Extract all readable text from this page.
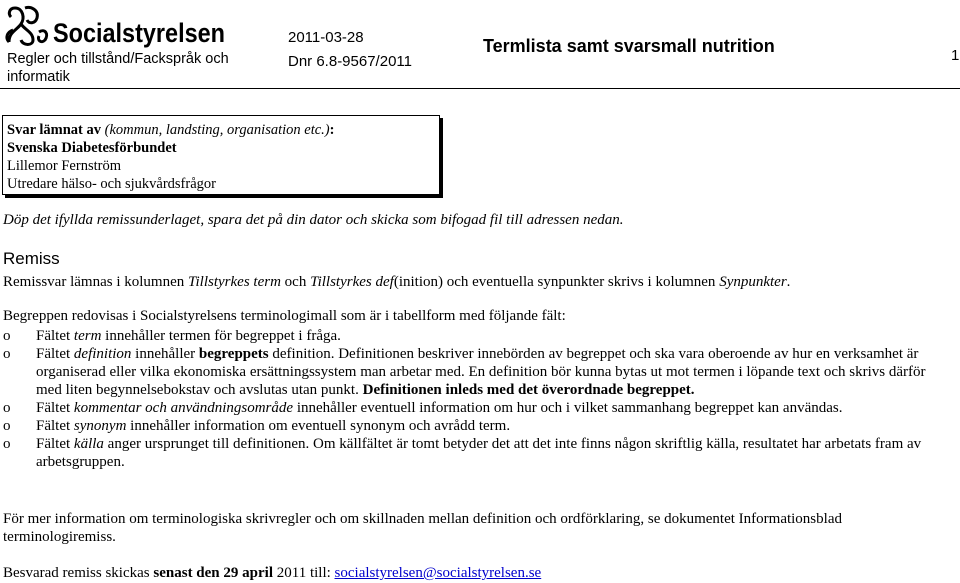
Socialstyrelsen
Regler och tillstånd/Fackspråk och
informatik
2011-03-28
Dnr 6.8-9567/2011
Termlista samt svarsmall nutrition	1
Svar lämnat av (kommun, landsting, organisation etc.):
Svenska Diabetesförbundet
Lillemor Fernström
Utredare hälso- och sjukvårdsfrågor
Döp det ifyllda remissunderlaget, spara det på din dator och skicka som bifogad fil till adressen nedan.
Remiss
Remissvar lämnas i kolumnen Tillstyrkes term och Tillstyrkes def(inition) och eventuella synpunkter skrivs i kolumnen Synpunkter.
Begreppen redovisas i Socialstyrelsens terminologimall som är i tabellform med följande fält:
o	Fältet term innehåller termen för begreppet i fråga.
o	Fältet definition innehåller begreppets definition. Definitionen beskriver innebörden av begreppet och ska vara oberoende av hur en verksamhet är organiserad eller vilka ekonomiska ersättningssystem man arbetar med. En definition bör kunna bytas ut mot termen i löpande text och skrivs därför med liten begynnelsebokstav och avslutas utan punkt. Definitionen inleds med det överordnade begreppet.
o	Fältet kommentar och användningsområde innehåller eventuell information om hur och i vilket sammanhang begreppet kan användas.
o	Fältet synonym innehåller information om eventuell synonym och avrådd term.
o	Fältet källa anger ursprunget till definitionen. Om källfältet är tomt betyder det att det inte finns någon skriftlig källa, resultatet har arbetats fram av arbetsgruppen.
För mer information om terminologiska skrivregler och om skillnaden mellan definition och ordförklaring, se dokumentet Informationsblad terminologiremiss.
Besvarad remiss skickas senast den 29 april 2011 till: socialstyrelsen@socialstyrelsen.se
